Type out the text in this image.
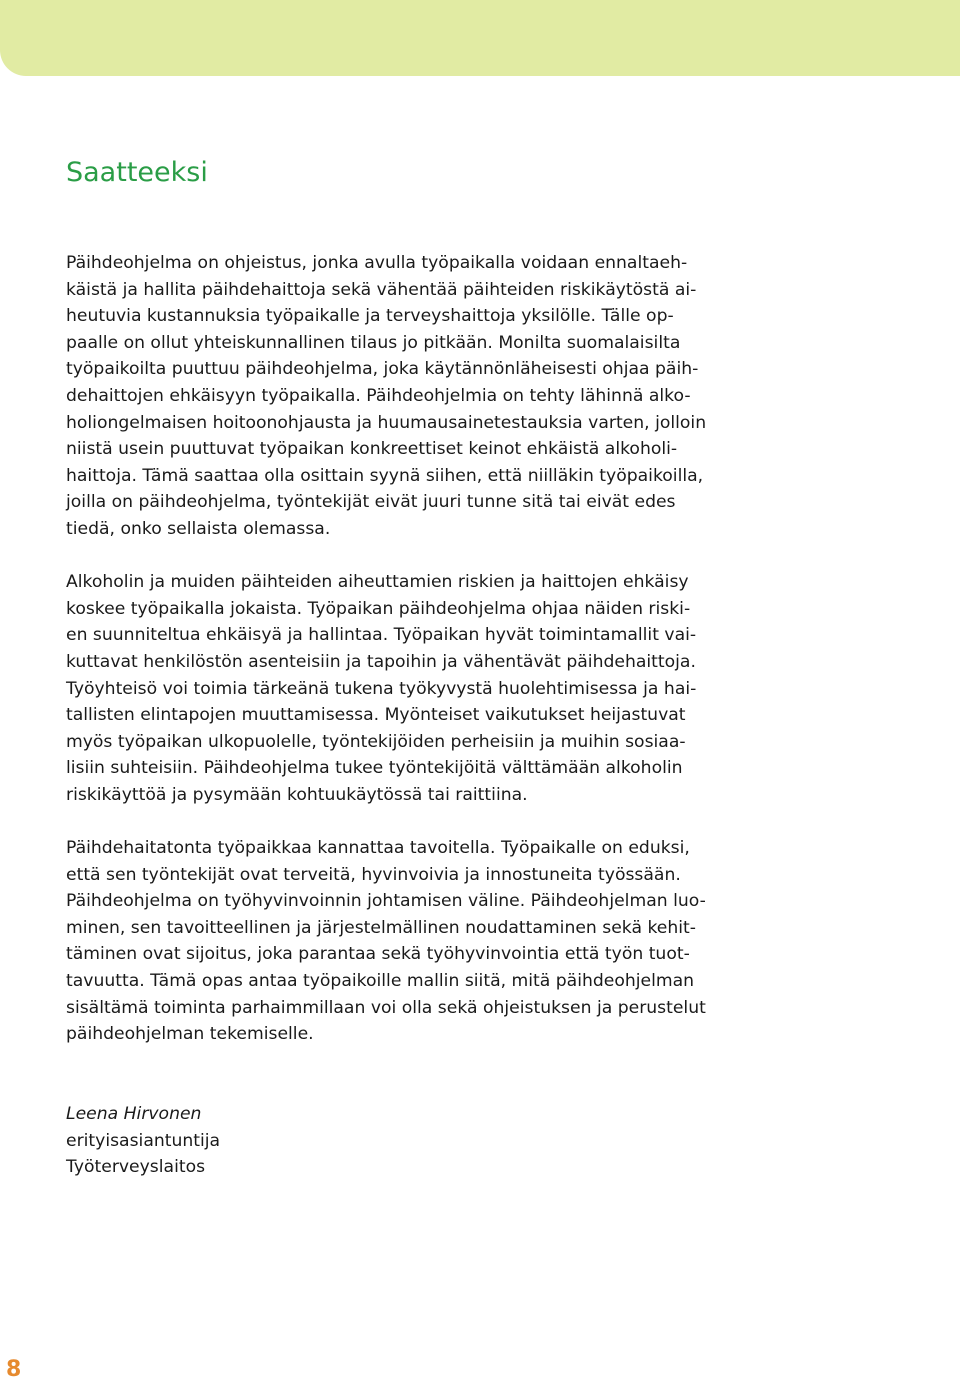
Saatteeksi

Päihdeohjelma on ohjeistus, jonka avulla työpaikalla voidaan ennaltaeh-
käistä ja hallita päihdehaittoja sekä vähentää päihteiden riskikäytöstä ai-
heutuvia kustannuksia työpaikalle ja terveyshaittoja yksilölle. Tälle op-
paalle on ollut yhteiskunnallinen tilaus jo pitkään. Monilta suomalaisilta
työpaikoilta puuttuu päihdeohjelma, joka käytännönläheisesti ohjaa päih-
dehaittojen ehkäisyyn työpaikalla. Päihdeohjelmia on tehty lähinnä alko-
holiongelmaisen hoitoonohjausta ja huumausainetestauksia varten, jolloin
niistä usein puuttuvat työpaikan konkreettiset keinot ehkäistä alkoholi-
haittoja. Tämä saattaa olla osittain syynä siihen, että niilläkin työpaikoilla,
joilla on päihdeohjelma, työntekijät eivät juuri tunne sitä tai eivät edes
tiedä, onko sellaista olemassa.

Alkoholin ja muiden päihteiden aiheuttamien riskien ja haittojen ehkäisy
koskee työpaikalla jokaista. Työpaikan päihdeohjelma ohjaa näiden riski-
en suunniteltua ehkäisyä ja hallintaa. Työpaikan hyvät toimintamallit vai-
kuttavat henkilöstön asenteisiin ja tapoihin ja vähentävät päihdehaittoja.
Työyhteisö voi toimia tärkeänä tukena työkyvystä huolehtimisessa ja hai-
tallisten elintapojen muuttamisessa. Myönteiset vaikutukset heijastuvat
myös työpaikan ulkopuolelle, työntekijöiden perheisiin ja muihin sosiaa-
lisiin suhteisiin. Päihdeohjelma tukee työntekijöitä välttämään alkoholin
riskikäyttöä ja pysymään kohtuukäytössä tai raittiina.

Päihdehaitatonta työpaikkaa kannattaa tavoitella. Työpaikalle on eduksi,
että sen työntekijät ovat terveitä, hyvinvoivia ja innostuneita työssään.
Päihdeohjelma on työhyvinvoinnin johtamisen väline. Päihdeohjelman luo-
minen, sen tavoitteellinen ja järjestelmällinen noudattaminen sekä kehit-
täminen ovat sijoitus, joka parantaa sekä työhyvinvointia että työn tuot-
tavuutta. Tämä opas antaa työpaikoille mallin siitä, mitä päihdeohjelman
sisältämä toiminta parhaimmillaan voi olla sekä ohjeistuksen ja perustelut
päihdeohjelman tekemiselle.

Leena Hirvonen
erityisasiantuntija
Työterveyslaitos
8
